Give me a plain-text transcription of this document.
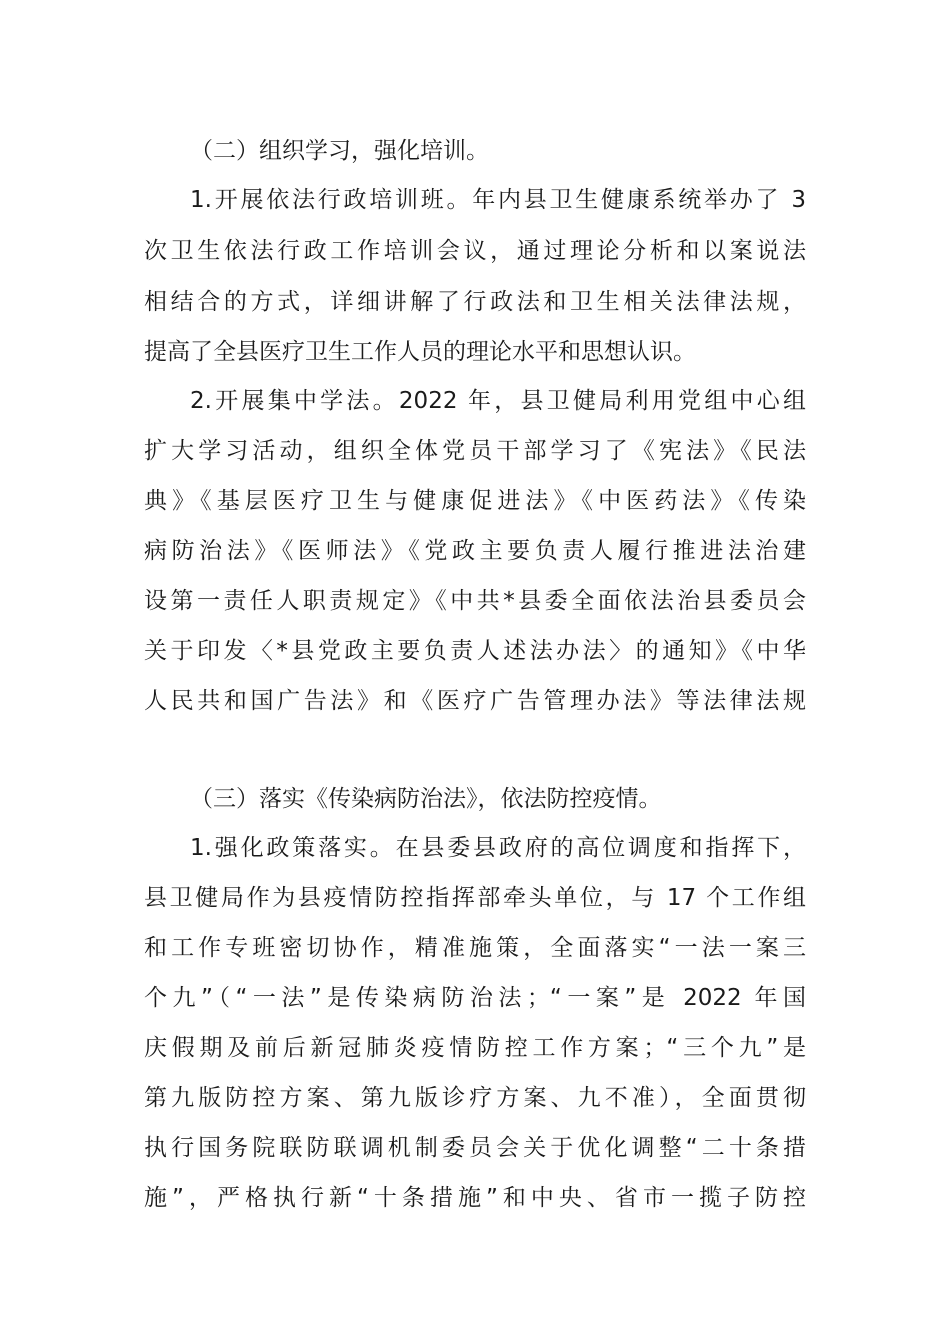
（二）组织学习，强化培训。
1.开展依法行政培训班。年内县卫生健康系统举办了 3
次卫生依法行政工作培训会议，通过理论分析和以案说法
相结合的方式，详细讲解了行政法和卫生相关法律法规，
提高了全县医疗卫生工作人员的理论水平和思想认识。
2.开展集中学法。2022 年，县卫健局利用党组中心组
扩大学习活动，组织全体党员干部学习了《宪法》《民法
典》《基层医疗卫生与健康促进法》《中医药法》《传染
病防治法》《医师法》《党政主要负责人履行推进法治建
设第一责任人职责规定》《中共*县委全面依法治县委员会
关于印发〈*县党政主要负责人述法办法〉的通知》《中华
人民共和国广告法》和《医疗广告管理办法》等法律法规
（三）落实《传染病防治法》，依法防控疫情。
1.强化政策落实。在县委县政府的高位调度和指挥下，
县卫健局作为县疫情防控指挥部牵头单位，与 17 个工作组
和工作专班密切协作，精准施策，全面落实“一法一案三
个九”（“一法”是传染病防治法；“一案”是 2022 年国
庆假期及前后新冠肺炎疫情防控工作方案；“三个九”是
第九版防控方案、第九版诊疗方案、九不准），全面贯彻
执行国务院联防联调机制委员会关于优化调整“二十条措
施”，严格执行新“十条措施”和中央、省市一揽子防控
